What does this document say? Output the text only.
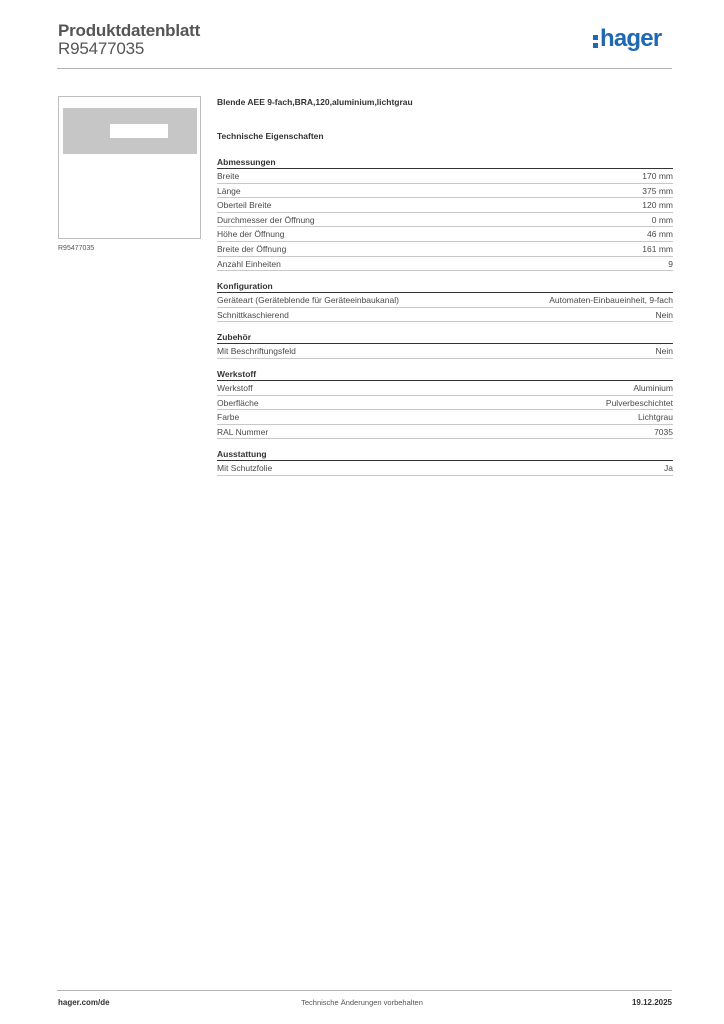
Produktdatenblatt
R95477035	hager
R95477035
Blende AEE 9-fach,BRA,120,aluminium,lichtgrau
Technische Eigenschaften
Abmessungen
Breite	170 mm
Länge	375 mm
Oberteil Breite	120 mm
Durchmesser der Öffnung	0 mm
Höhe der Öffnung	46 mm
Breite der Öffnung	161 mm
Anzahl Einheiten	9
Konfiguration
Geräteart (Geräteblende für Geräteeinbaukanal)	Automaten-Einbaueinheit, 9-fach
Schnittkaschierend	Nein
Zubehör
Mit Beschriftungsfeld	Nein
Werkstoff
Werkstoff	Aluminium
Oberfläche	Pulverbeschichtet
Farbe	Lichtgrau
RAL Nummer	7035
Ausstattung
Mit Schutzfolie	Ja
hager.com/de	Technische Änderungen vorbehalten	19.12.2025
